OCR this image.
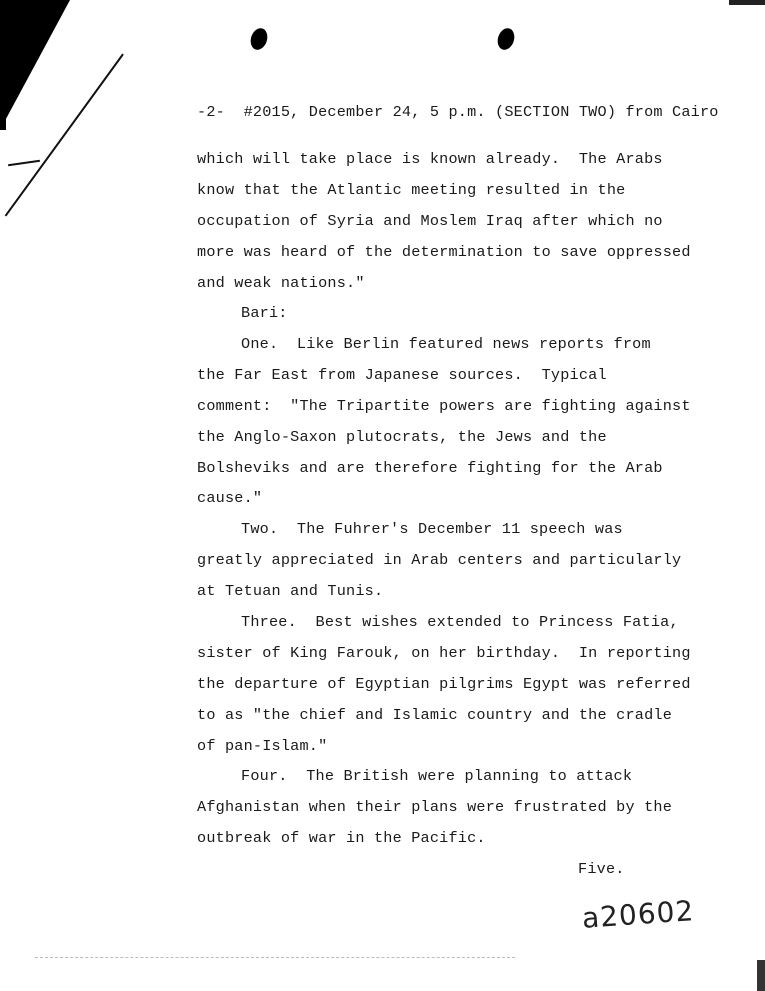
-2-  #2015, December 24, 5 p.m. (SECTION TWO) from Cairo
which will take place is known already.  The Arabs
know that the Atlantic meeting resulted in the
occupation of Syria and Moslem Iraq after which no
more was heard of the determination to save oppressed
and weak nations."
Bari:
One.  Like Berlin featured news reports from
the Far East from Japanese sources.  Typical
comment:  "The Tripartite powers are fighting against
the Anglo-Saxon plutocrats, the Jews and the
Bolsheviks and are therefore fighting for the Arab
cause."
Two.  The Fuhrer's December 11 speech was
greatly appreciated in Arab centers and particularly
at Tetuan and Tunis.
Three.  Best wishes extended to Princess Fatia,
sister of King Farouk, on her birthday.  In reporting
the departure of Egyptian pilgrims Egypt was referred
to as "the chief and Islamic country and the cradle
of pan-Islam."
Four.  The British were planning to attack
Afghanistan when their plans were frustrated by the
outbreak of war in the Pacific.
Five.
a20602
